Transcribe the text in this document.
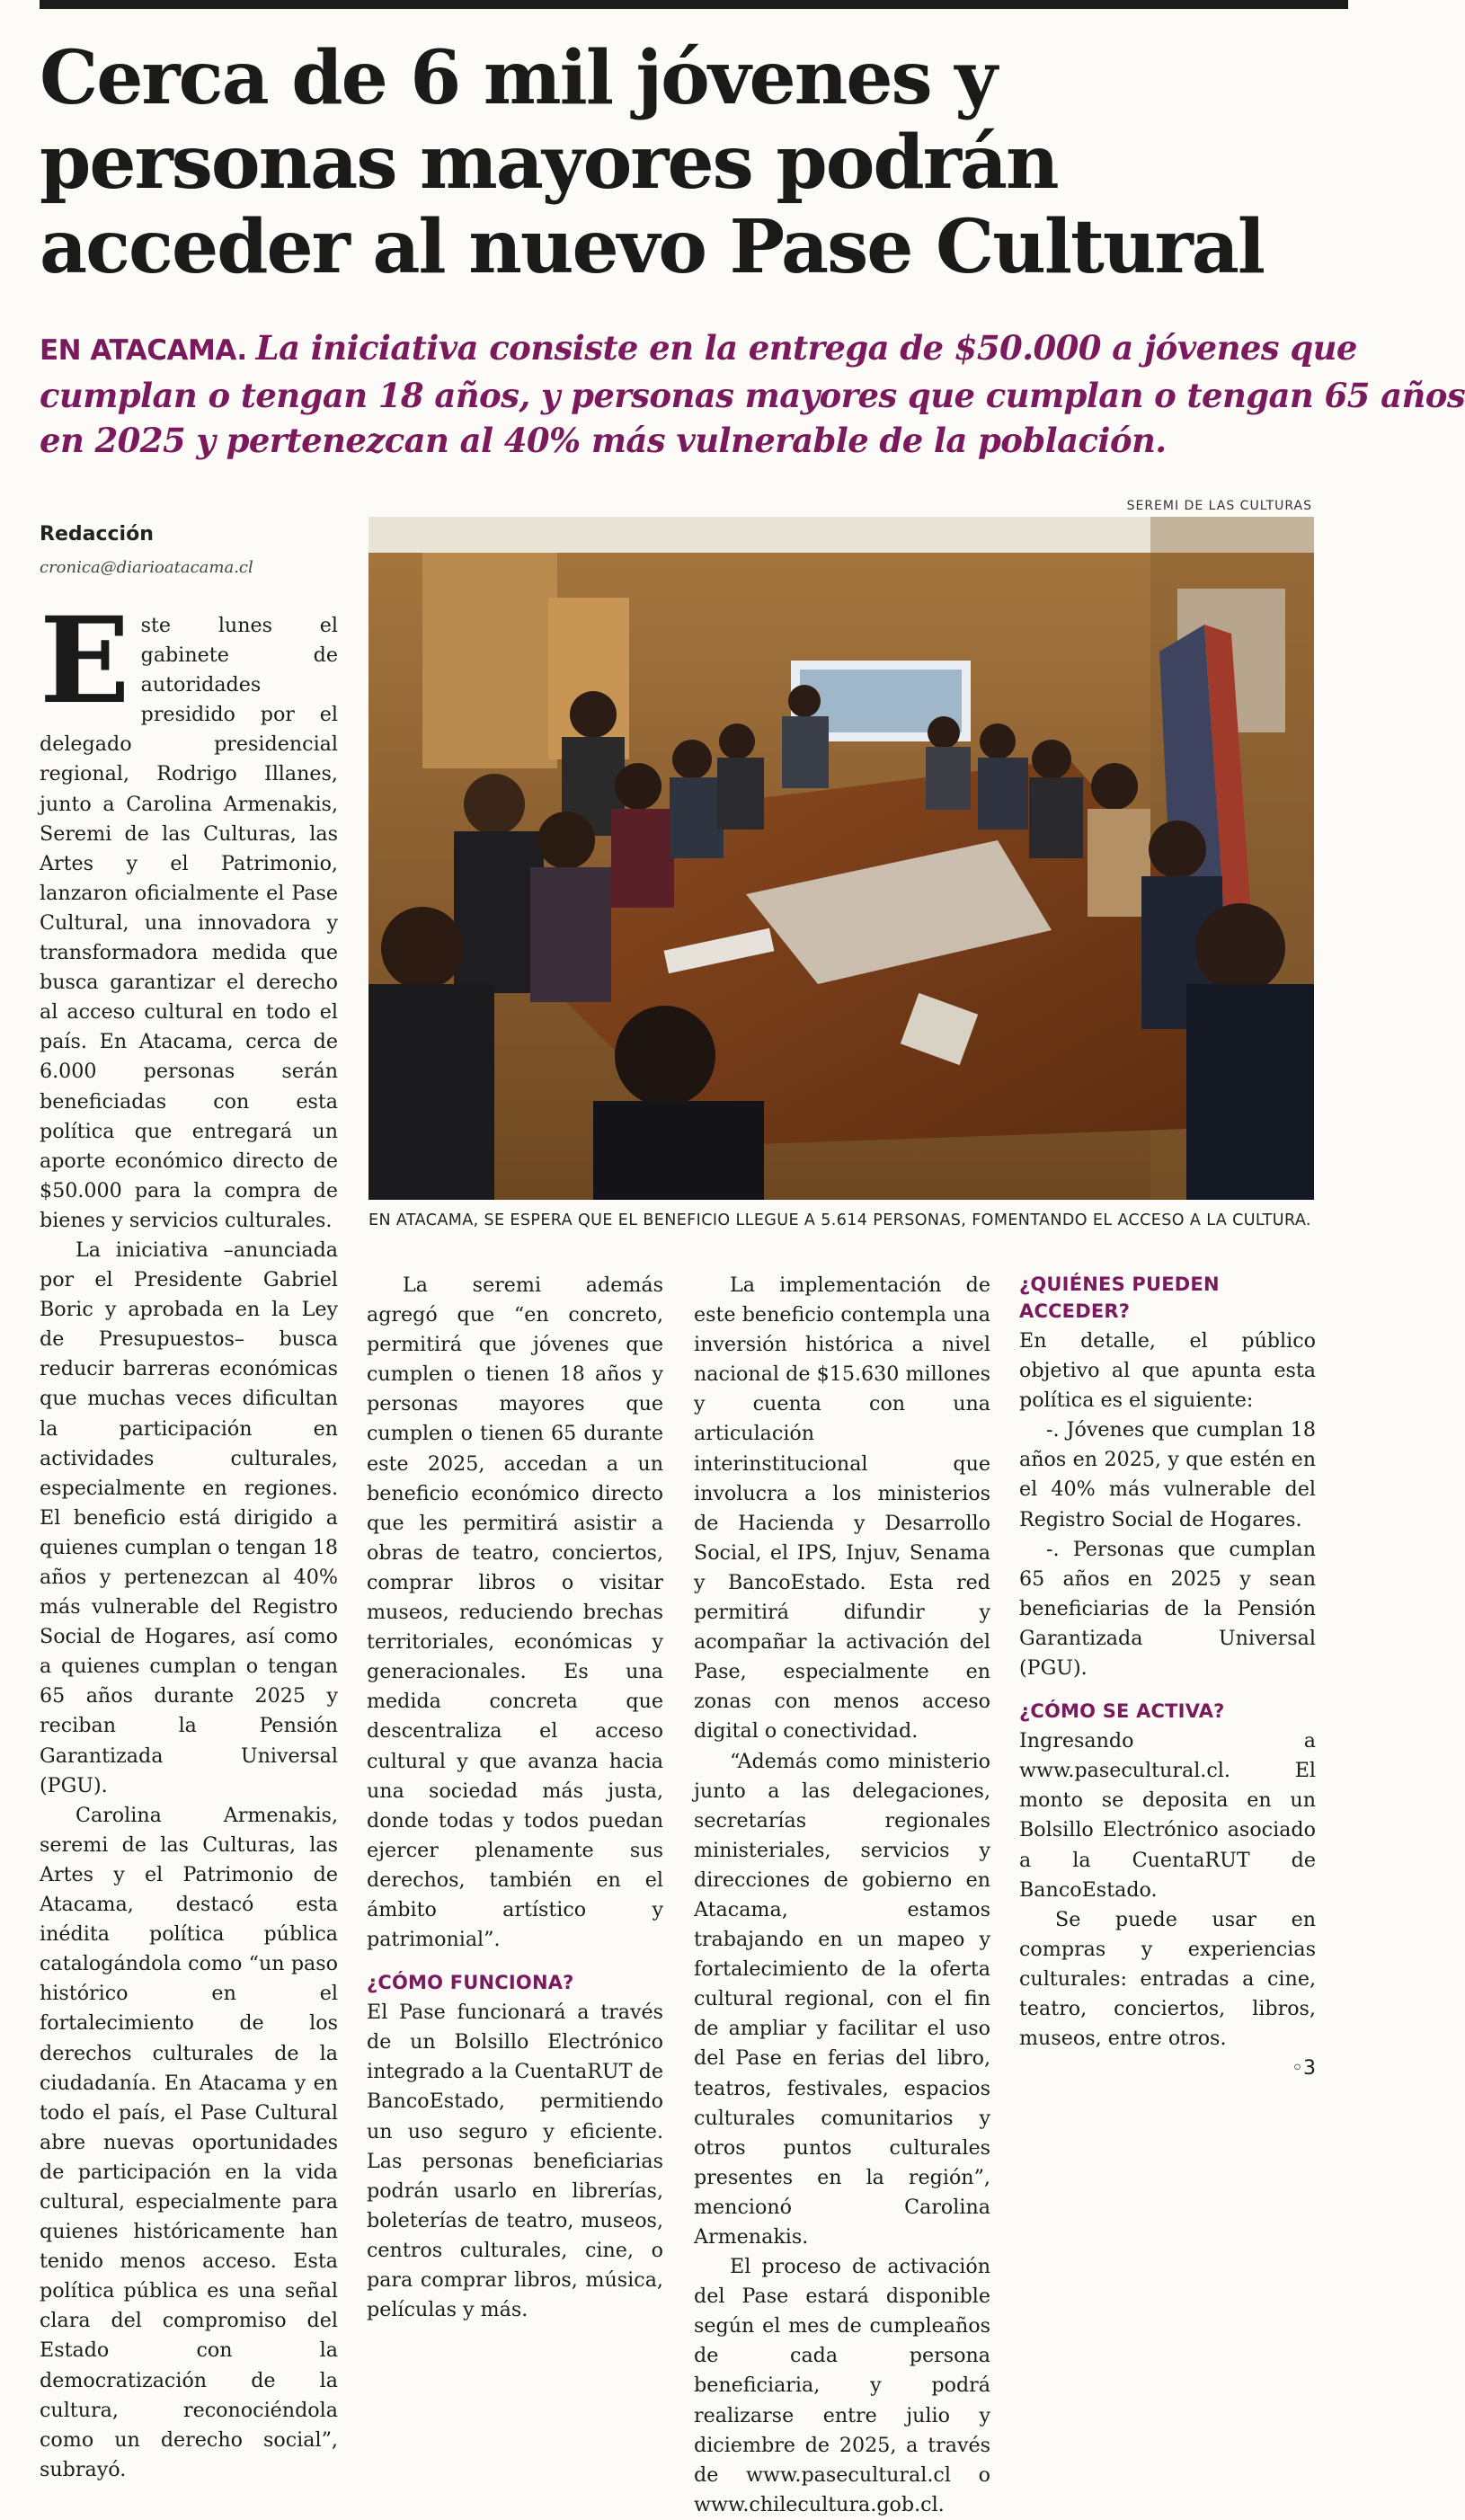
Cerca de 6 mil jóvenes y
personas mayores podrán
acceder al nuevo Pase Cultural
EN ATACAMA. La iniciativa consiste en la entrega de $50.000 a jóvenes que
cumplan o tengan 18 años, y personas mayores que cumplan o tengan 65 años
en 2025 y pertenezcan al 40% más vulnerable de la población.
Redacción
cronica@diarioatacama.cl
SEREMI DE LAS CULTURAS
EN ATACAMA, SE ESPERA QUE EL BENEFICIO LLEGUE A 5.614 PERSONAS, FOMENTANDO EL ACCESO A LA CULTURA.

Este lunes el gabinete de autoridades presidido por el delegado presidencial regional, Rodrigo Illanes, junto a Carolina Armenakis, Seremi de las Culturas, las Artes y el Patrimonio, lanzaron oficialmente el Pase Cultural, una innovadora y transformadora medida que busca garantizar el derecho al acceso cultural en todo el país. En Atacama, cerca de 6.000 personas serán beneficiadas con esta política que entregará un aporte económico directo de $50.000 para la compra de bienes y servicios culturales.

La iniciativa –anunciada por el Presidente Gabriel Boric y aprobada en la Ley de Presupuestos– busca reducir barreras económicas que muchas veces dificultan la participación en actividades culturales, especialmente en regiones. El beneficio está dirigido a quienes cumplan o tengan 18 años y pertenezcan al 40% más vulnerable del Registro Social de Hogares, así como a quienes cumplan o tengan 65 años durante 2025 y reciban la Pensión Garantizada Universal (PGU).

Carolina Armenakis, seremi de las Culturas, las Artes y el Patrimonio de Atacama, destacó esta inédita política pública catalogándola como “un paso histórico en el fortalecimiento de los derechos culturales de la ciudadanía. En Atacama y en todo el país, el Pase Cultural abre nuevas oportunidades de participación en la vida cultural, especialmente para quienes históricamente han tenido menos acceso. Esta política pública es una señal clara del compromiso del Estado con la democratización de la cultura, reconociéndola como un derecho social”, subrayó.

La seremi además agregó que “en concreto, permitirá que jóvenes que cumplen o tienen 18 años y personas mayores que cumplen o tienen 65 durante este 2025, accedan a un beneficio económico directo que les permitirá asistir a obras de teatro, conciertos, comprar libros o visitar museos, reduciendo brechas territoriales, económicas y generacionales. Es una medida concreta que descentraliza el acceso cultural y que avanza hacia una sociedad más justa, donde todas y todos puedan ejercer plenamente sus derechos, también en el ámbito artístico y patrimonial”.

¿CÓMO FUNCIONA?

El Pase funcionará a través de un Bolsillo Electrónico integrado a la CuentaRUT de BancoEstado, permitiendo un uso seguro y eficiente. Las personas beneficiarias podrán usarlo en librerías, boleterías de teatro, museos, centros culturales, cine, o para comprar libros, música, películas y más.

La implementación de este beneficio contempla una inversión histórica a nivel nacional de $15.630 millones y cuenta con una articulación interinstitucional que involucra a los ministerios de Hacienda y Desarrollo Social, el IPS, Injuv, Senama y BancoEstado. Esta red permitirá difundir y acompañar la activación del Pase, especialmente en zonas con menos acceso digital o conectividad.

“Además como ministerio junto a las delegaciones, secretarías regionales ministeriales, servicios y direcciones de gobierno en Atacama, estamos trabajando en un mapeo y fortalecimiento de la oferta cultural regional, con el fin de ampliar y facilitar el uso del Pase en ferias del libro, teatros, festivales, espacios culturales comunitarios y otros puntos culturales presentes en la región”, mencionó Carolina Armenakis.

El proceso de activación del Pase estará disponible según el mes de cumpleaños de cada persona beneficiaria, y podrá realizarse entre julio y diciembre de 2025, a través de www.pasecultural.cl o www.chilecultura.gob.cl.

¿QUIÉNES PUEDEN ACCEDER?

En detalle, el público objetivo al que apunta esta política es el siguiente:

-. Jóvenes que cumplan 18 años en 2025, y que estén en el 40% más vulnerable del Registro Social de Hogares.

-. Personas que cumplan 65 años en 2025 y sean beneficiarias de la Pensión Garantizada Universal (PGU).

¿CÓMO SE ACTIVA?

Ingresando a www.pasecultural.cl. El monto se deposita en un Bolsillo Electrónico asociado a la CuentaRUT de BancoEstado.

Se puede usar en compras y experiencias culturales: entradas a cine, teatro, conciertos, libros, museos, entre otros.

◦3
